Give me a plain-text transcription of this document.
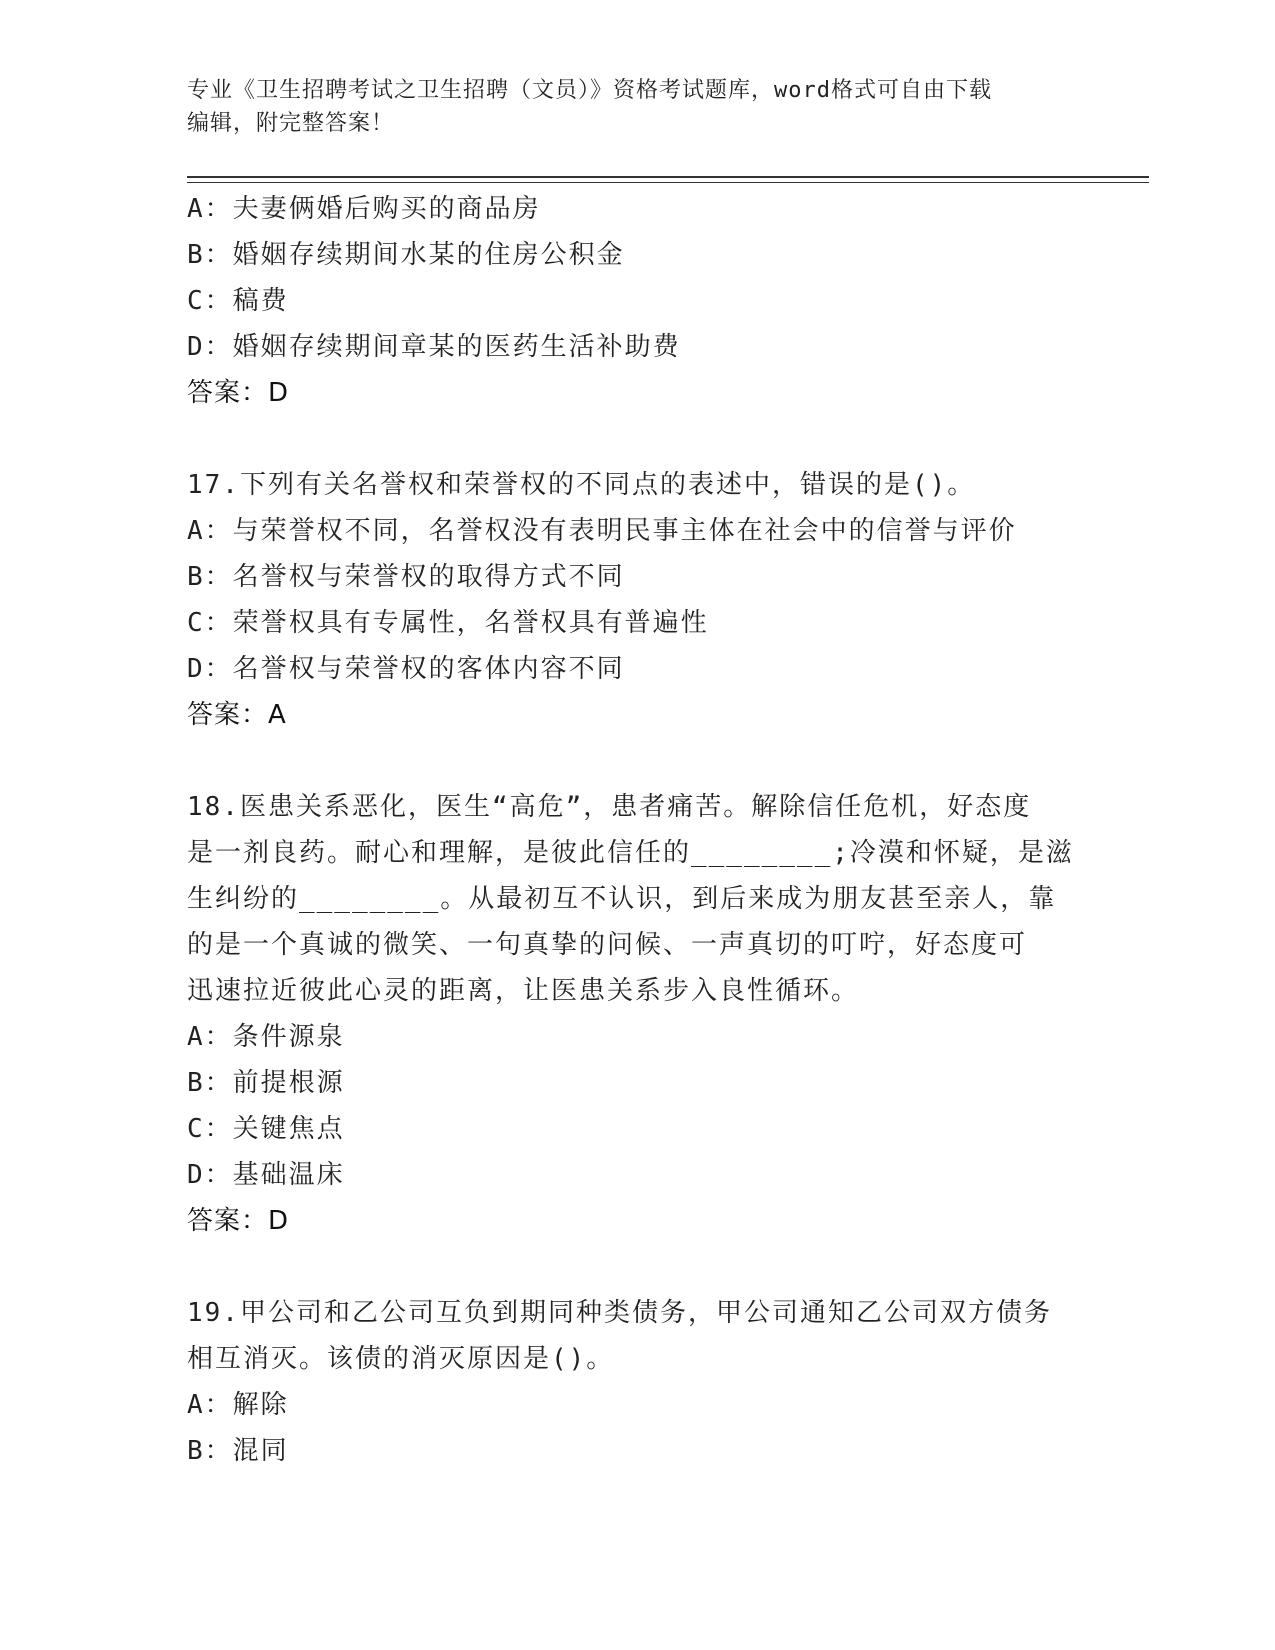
专业《卫生招聘考试之卫生招聘（文员）》资格考试题库，word格式可自由下载
编辑，附完整答案！
A：夫妻俩婚后购买的商品房
B：婚姻存续期间水某的住房公积金
C：稿费
D：婚姻存续期间章某的医药生活补助费
答案：D
17.下列有关名誉权和荣誉权的不同点的表述中，错误的是()。
A：与荣誉权不同，名誉权没有表明民事主体在社会中的信誉与评价
B：名誉权与荣誉权的取得方式不同
C：荣誉权具有专属性，名誉权具有普遍性
D：名誉权与荣誉权的客体内容不同
答案：A
18.医患关系恶化，医生“高危”，患者痛苦。解除信任危机，好态度
是一剂良药。耐心和理解，是彼此信任的________;冷漠和怀疑，是滋
生纠纷的________。从最初互不认识，到后来成为朋友甚至亲人，靠
的是一个真诚的微笑、一句真挚的问候、一声真切的叮咛，好态度可
迅速拉近彼此心灵的距离，让医患关系步入良性循环。
A：条件源泉
B：前提根源
C：关键焦点
D：基础温床
答案：D
19.甲公司和乙公司互负到期同种类债务，甲公司通知乙公司双方债务
相互消灭。该债的消灭原因是()。
A：解除
B：混同
